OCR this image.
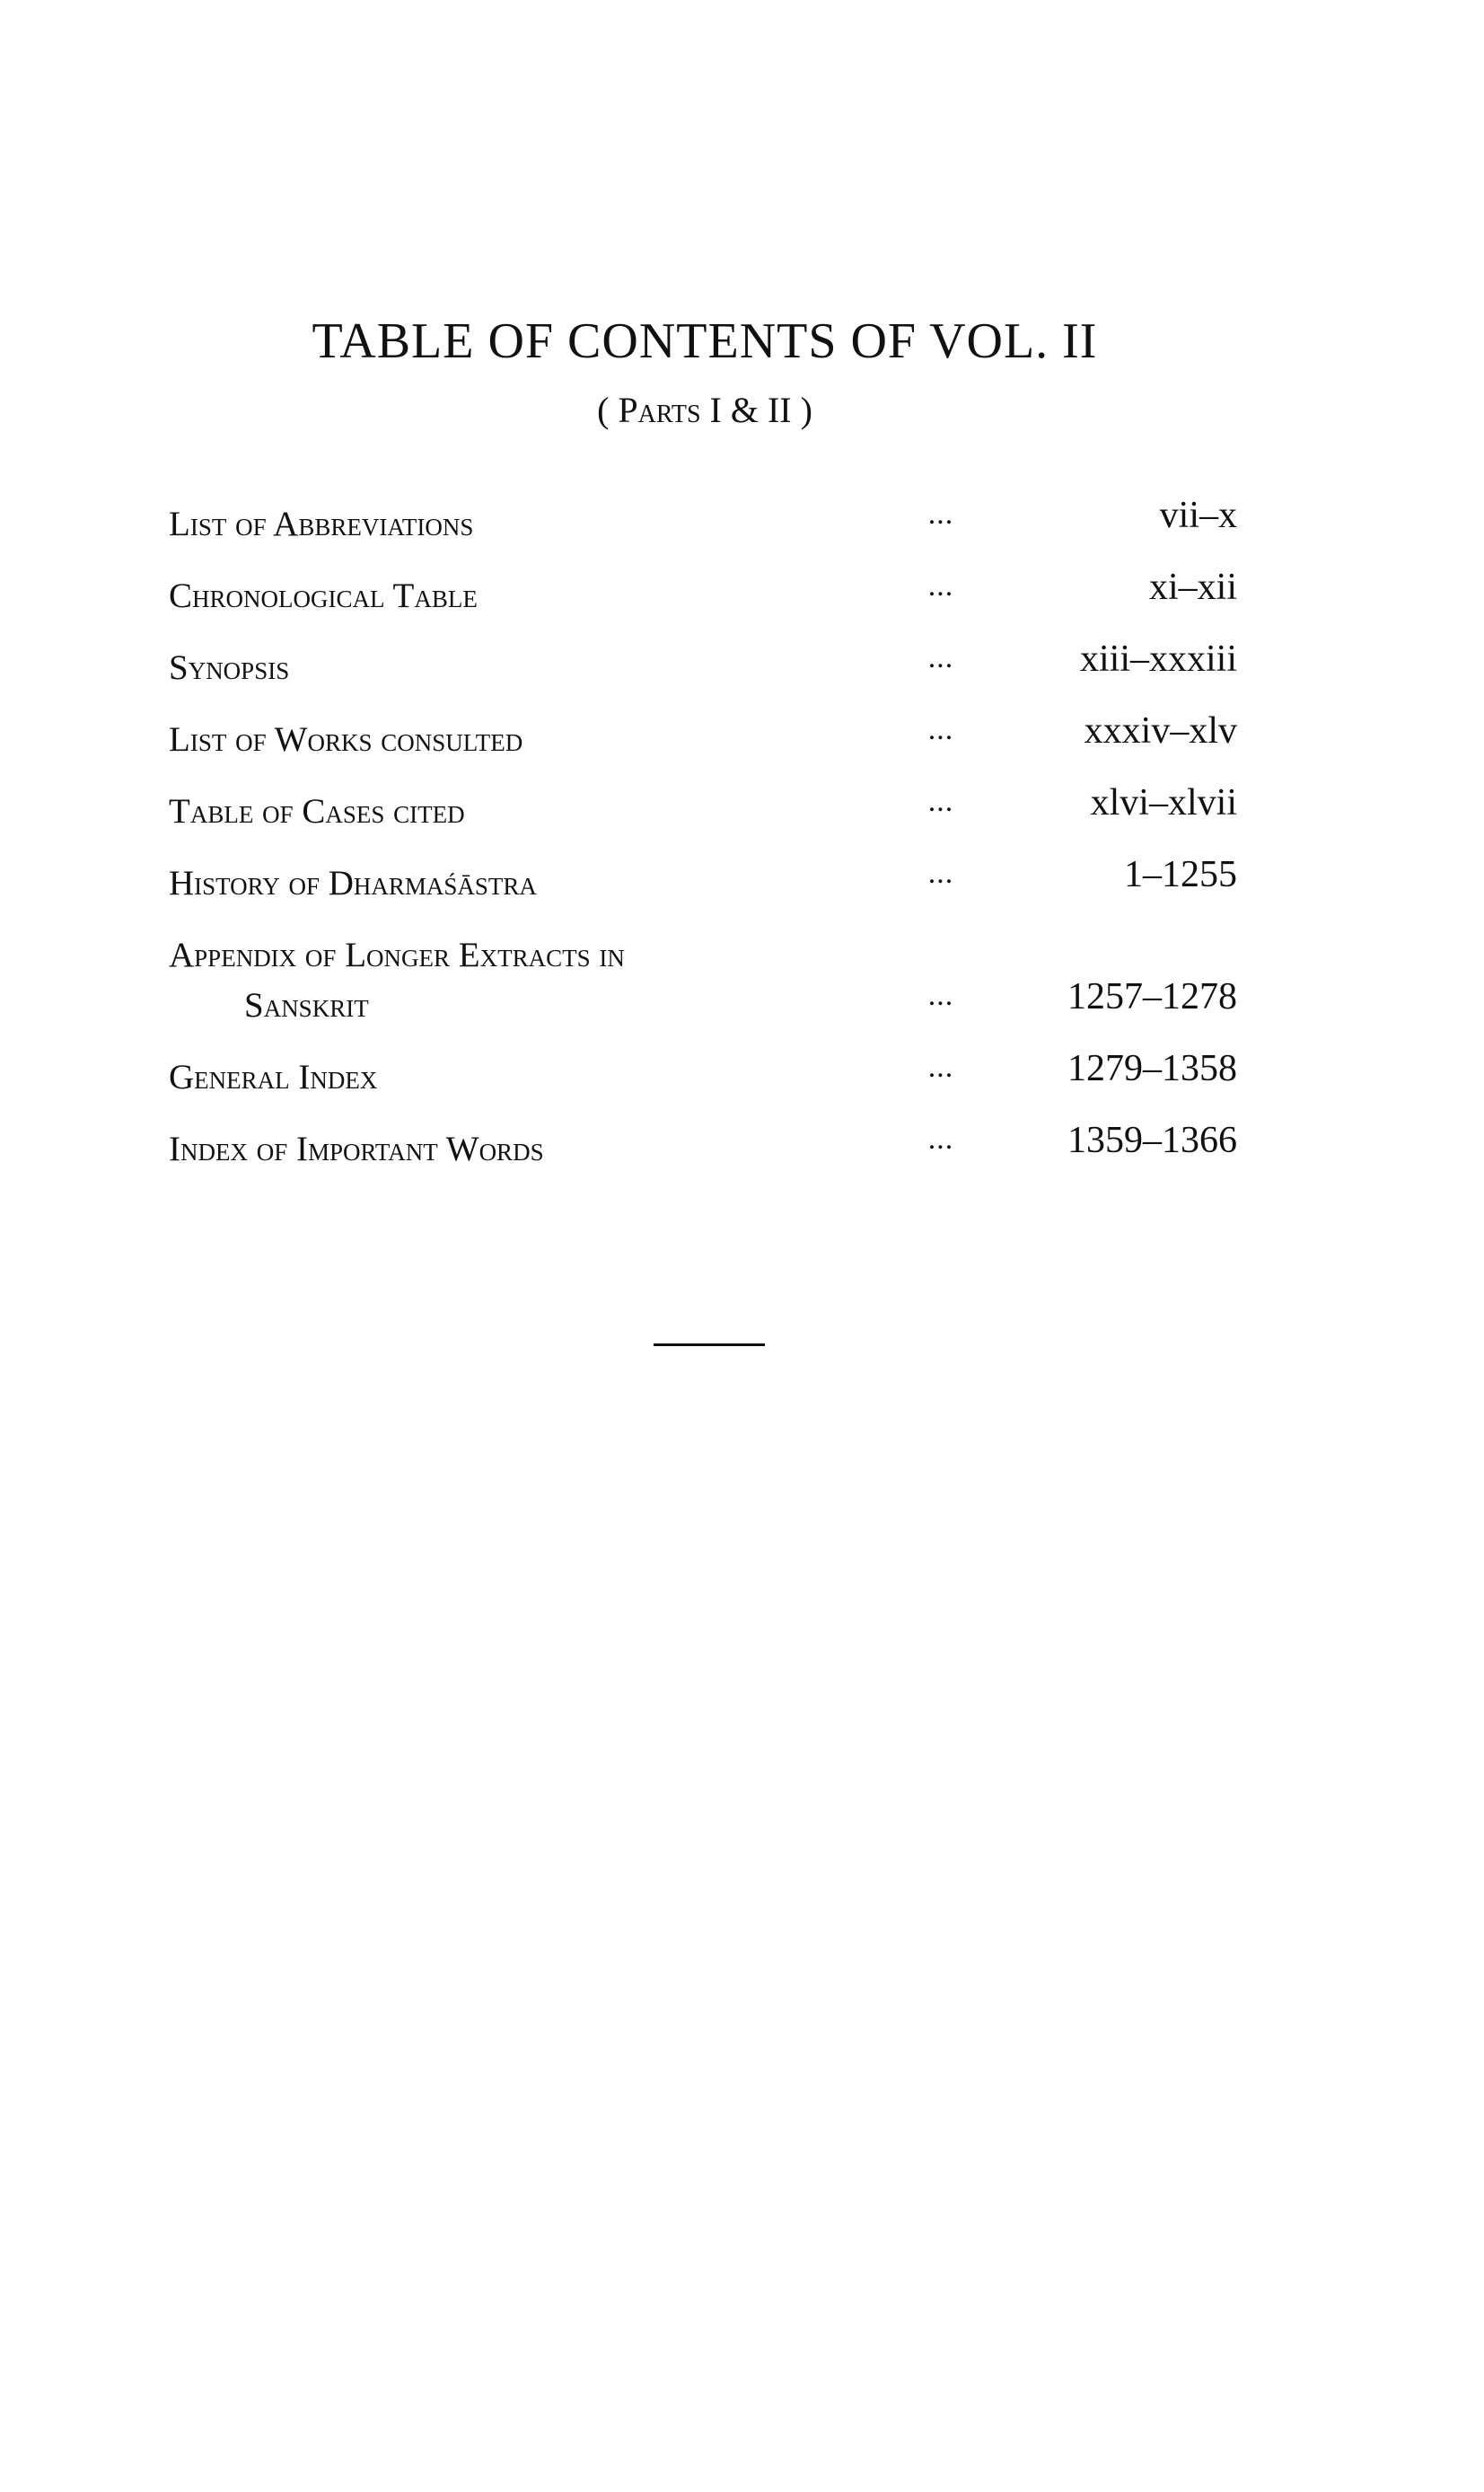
TABLE OF CONTENTS OF VOL. II
( Parts I & II )
List of Abbreviations	...	vii–x
Chronological Table	...	xi–xii
Synopsis	...	xiii–xxxiii
List of Works consulted	...	xxxiv–xlv
Table of Cases cited	...	xlvi–xlvii
History of Dharmaśāstra	...	1–1255
Appendix of Longer Extracts in
Sanskrit	...	1257–1278
General Index	...	1279–1358
Index of Important Words	...	1359–1366
